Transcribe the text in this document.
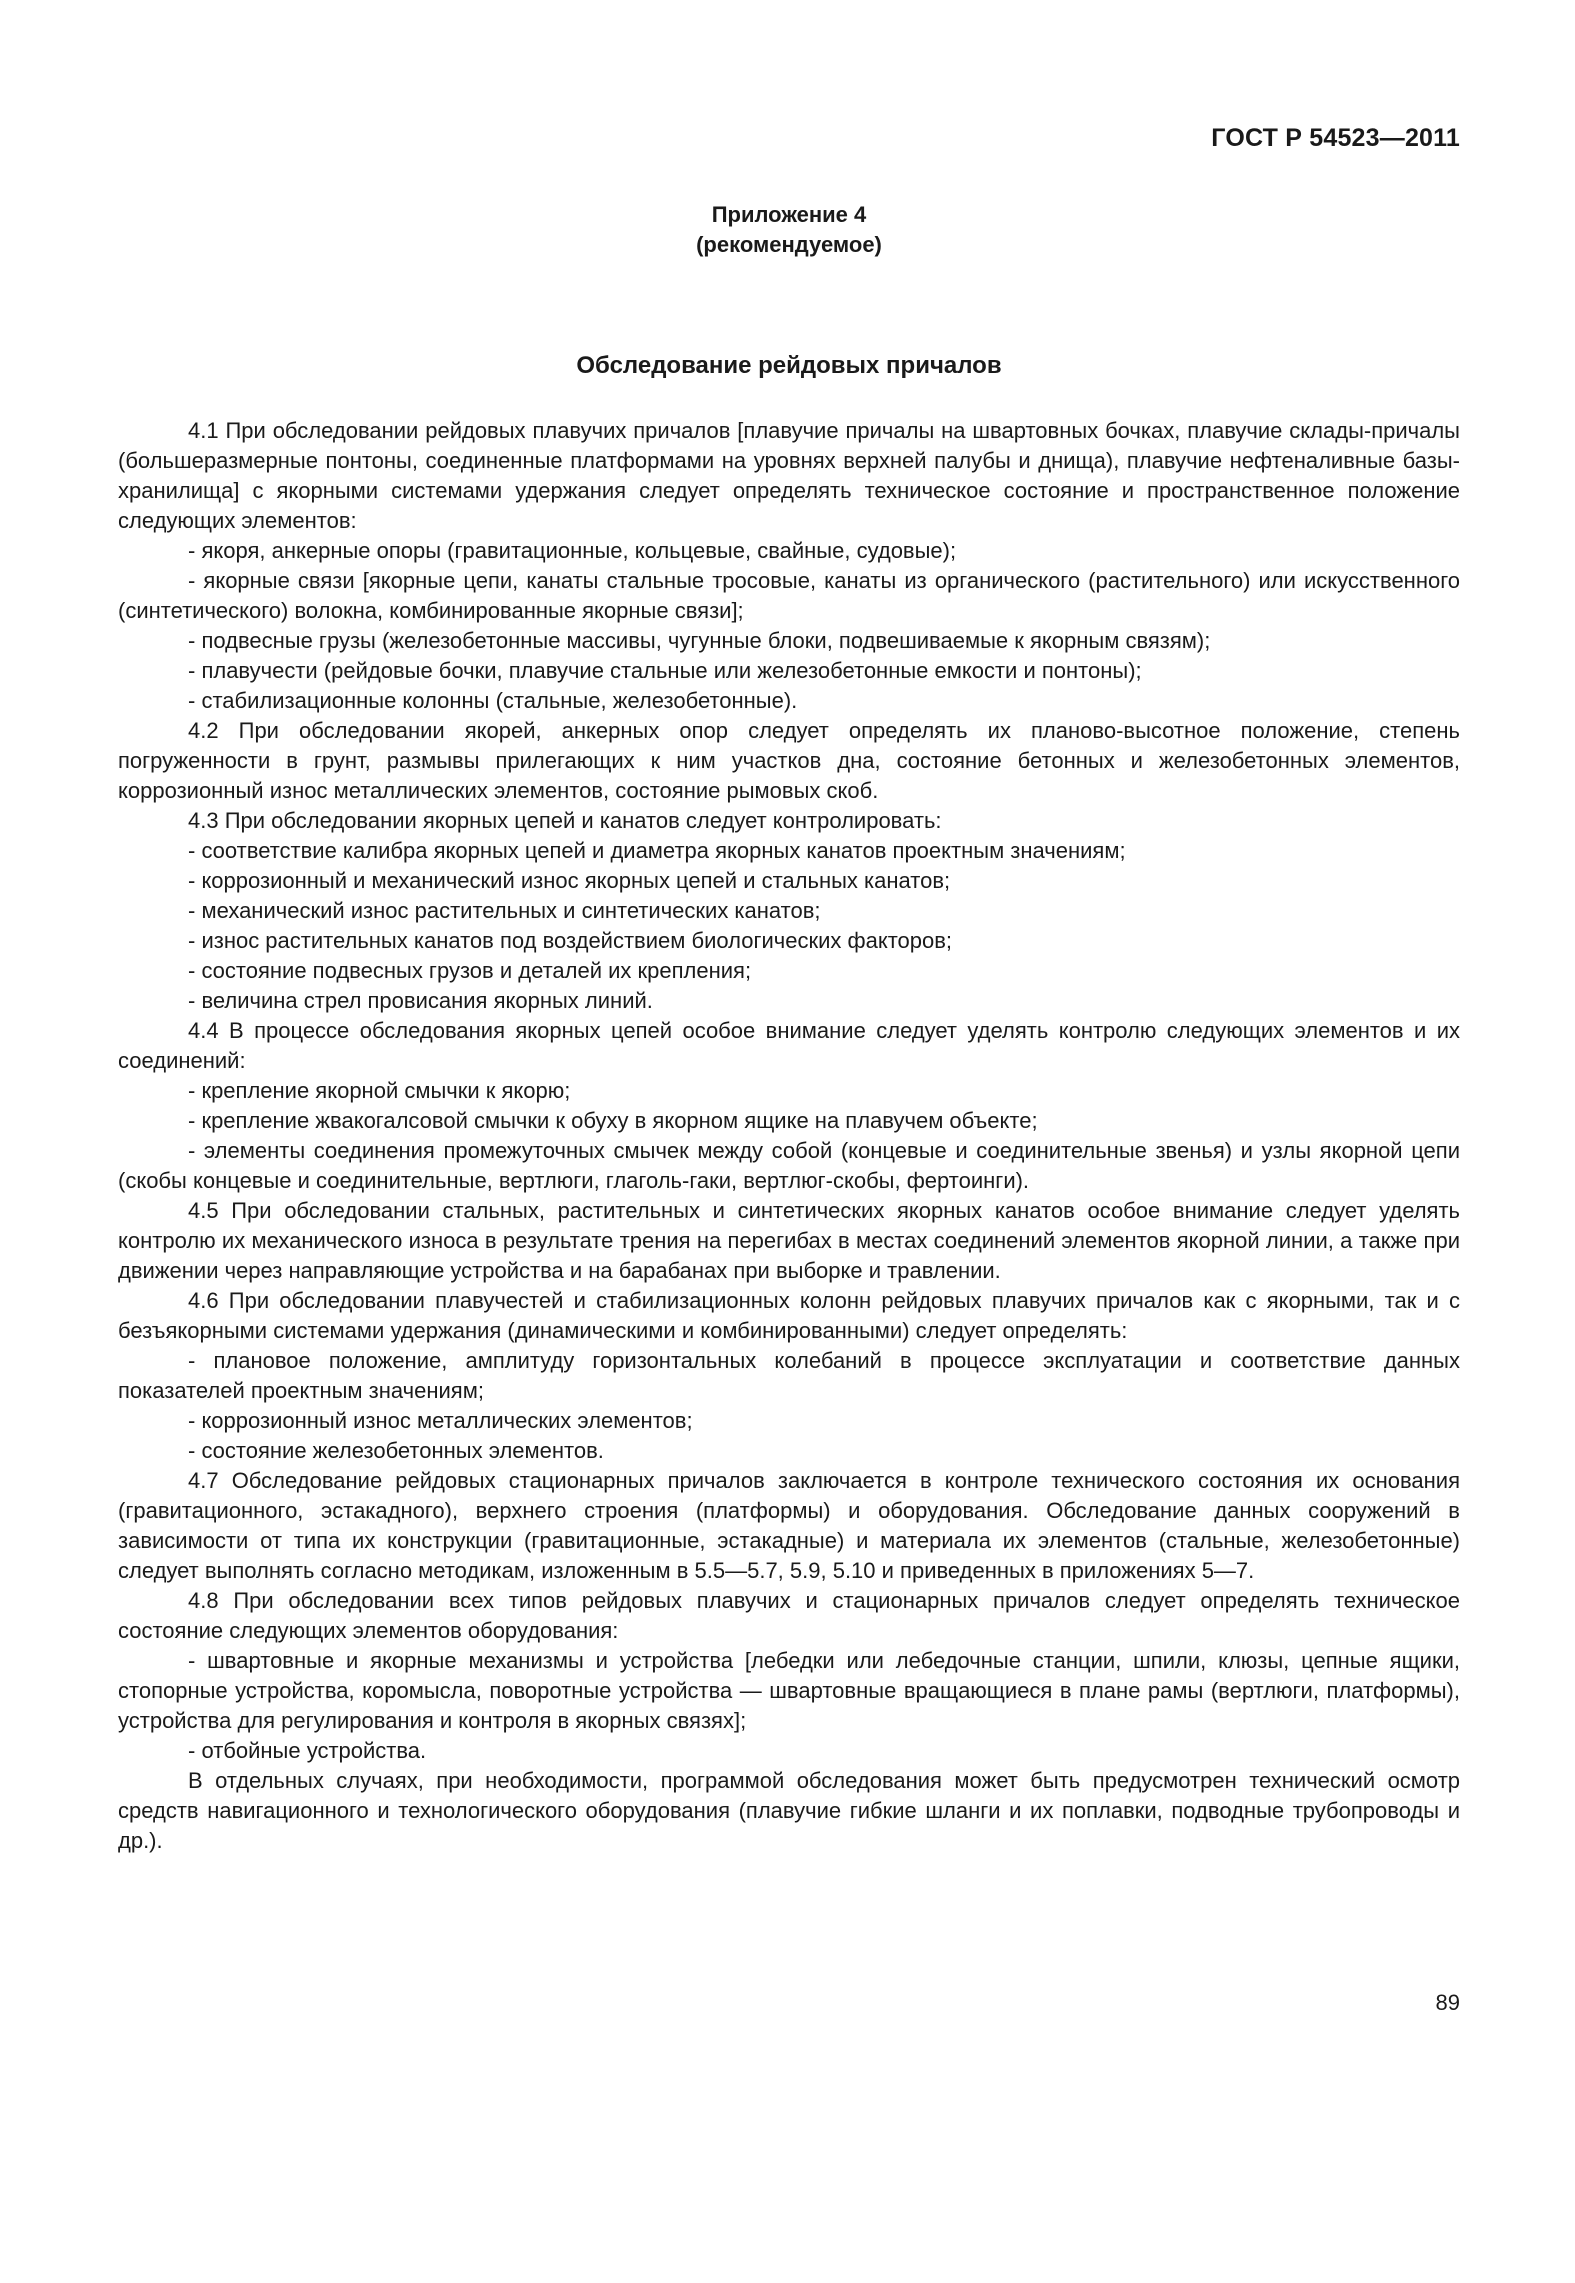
ГОСТ Р 54523—2011
Приложение 4
(рекомендуемое)
Обследование рейдовых причалов

4.1 При обследовании рейдовых плавучих причалов [плавучие причалы на швартовных бочках, плавучие склады-причалы (большеразмерные понтоны, соединенные платформами на уровнях верхней палубы и днища), плавучие нефтеналивные базы-хранилища] с якорными системами удержания следует определять техническое состояние и пространственное положение следующих элементов:

- якоря, анкерные опоры (гравитационные, кольцевые, свайные, судовые);

- якорные связи [якорные цепи, канаты стальные тросовые, канаты из органического (растительного) или искусственного (синтетического) волокна, комбинированные якорные связи];

- подвесные грузы (железобетонные массивы, чугунные блоки, подвешиваемые к якорным связям);

- плавучести (рейдовые бочки, плавучие стальные или железобетонные емкости и понтоны);

- стабилизационные колонны (стальные, железобетонные).

4.2 При обследовании якорей, анкерных опор следует определять их планово-высотное положение, степень погруженности в грунт, размывы прилегающих к ним участков дна, состояние бетонных и железобетонных элементов, коррозионный износ металлических элементов, состояние рымовых скоб.

4.3 При обследовании якорных цепей и канатов следует контролировать:

- соответствие калибра якорных цепей и диаметра якорных канатов проектным значениям;

- коррозионный и механический износ якорных цепей и стальных канатов;

- механический износ растительных и синтетических канатов;

- износ растительных канатов под воздействием биологических факторов;

- состояние подвесных грузов и деталей их крепления;

- величина стрел провисания якорных линий.

4.4 В процессе обследования якорных цепей особое внимание следует уделять контролю следующих элементов и их соединений:

- крепление якорной смычки к якорю;

- крепление жвакогалсовой смычки к обуху в якорном ящике на плавучем объекте;

- элементы соединения промежуточных смычек между собой (концевые и соединительные звенья) и узлы якорной цепи (скобы концевые и соединительные, вертлюги, глаголь-гаки, вертлюг-скобы, фертоинги).

4.5 При обследовании стальных, растительных и синтетических якорных канатов особое внимание следует уделять контролю их механического износа в результате трения на перегибах в местах соединений элементов якорной линии, а также при движении через направляющие устройства и на барабанах при выборке и травлении.

4.6 При обследовании плавучестей и стабилизационных колонн рейдовых плавучих причалов как с якорными, так и с безъякорными системами удержания (динамическими и комбинированными) следует определять:

- плановое положение, амплитуду горизонтальных колебаний в процессе эксплуатации и соответствие данных показателей проектным значениям;

- коррозионный износ металлических элементов;

- состояние железобетонных элементов.

4.7 Обследование рейдовых стационарных причалов заключается в контроле технического состояния их основания (гравитационного, эстакадного), верхнего строения (платформы) и оборудования. Обследование данных сооружений в зависимости от типа их конструкции (гравитационные, эстакадные) и материала их элементов (стальные, железобетонные) следует выполнять согласно методикам, изложенным в 5.5—5.7, 5.9, 5.10 и приведенных в приложениях 5—7.

4.8 При обследовании всех типов рейдовых плавучих и стационарных причалов следует определять техническое состояние следующих элементов оборудования:

- швартовные и якорные механизмы и устройства [лебедки или лебедочные станции, шпили, клюзы, цепные ящики, стопорные устройства, коромысла, поворотные устройства — швартовные вращающиеся в плане рамы (вертлюги, платформы), устройства для регулирования и контроля в якорных связях];

- отбойные устройства.

В отдельных случаях, при необходимости, программой обследования может быть предусмотрен технический осмотр средств навигационного и технологического оборудования (плавучие гибкие шланги и их поплавки, подводные трубопроводы и др.).

89
